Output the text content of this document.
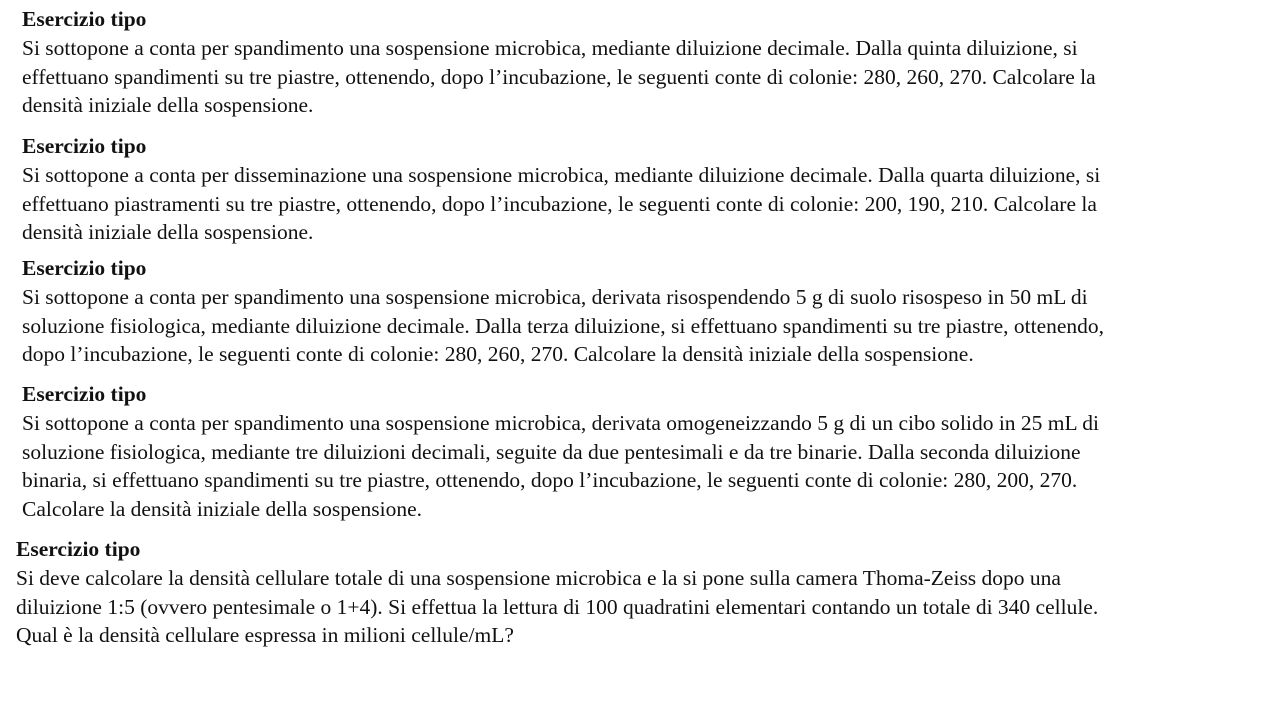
Esercizio tipo
Si sottopone a conta per spandimento una sospensione microbica, mediante diluizione decimale. Dalla quinta diluizione, si
effettuano spandimenti su tre piastre, ottenendo, dopo l’incubazione, le seguenti conte di colonie: 280, 260, 270. Calcolare la
densità iniziale della sospensione.
Esercizio tipo
Si sottopone a conta per disseminazione una sospensione microbica, mediante diluizione decimale. Dalla quarta diluizione, si
effettuano piastramenti su tre piastre, ottenendo, dopo l’incubazione, le seguenti conte di colonie: 200, 190, 210. Calcolare la
densità iniziale della sospensione.
Esercizio tipo
Si sottopone a conta per spandimento una sospensione microbica, derivata risospendendo 5 g di suolo risospeso in 50 mL di
soluzione fisiologica, mediante diluizione decimale. Dalla terza diluizione, si effettuano spandimenti su tre piastre, ottenendo,
dopo l’incubazione, le seguenti conte di colonie: 280, 260, 270. Calcolare la densità iniziale della sospensione.
Esercizio tipo
Si sottopone a conta per spandimento una sospensione microbica, derivata omogeneizzando 5 g di un cibo solido in 25 mL di
soluzione fisiologica, mediante tre diluizioni decimali, seguite da due pentesimali e da tre binarie. Dalla seconda diluizione
binaria, si effettuano spandimenti su tre piastre, ottenendo, dopo l’incubazione, le seguenti conte di colonie: 280, 200, 270.
Calcolare la densità iniziale della sospensione.
Esercizio tipo
Si deve calcolare la densità cellulare totale di una sospensione microbica e la si pone sulla camera Thoma-Zeiss dopo una
diluizione 1:5 (ovvero pentesimale o 1+4). Si effettua la lettura di 100 quadratini elementari contando un totale di 340 cellule.
Qual è la densità cellulare espressa in milioni cellule/mL?
